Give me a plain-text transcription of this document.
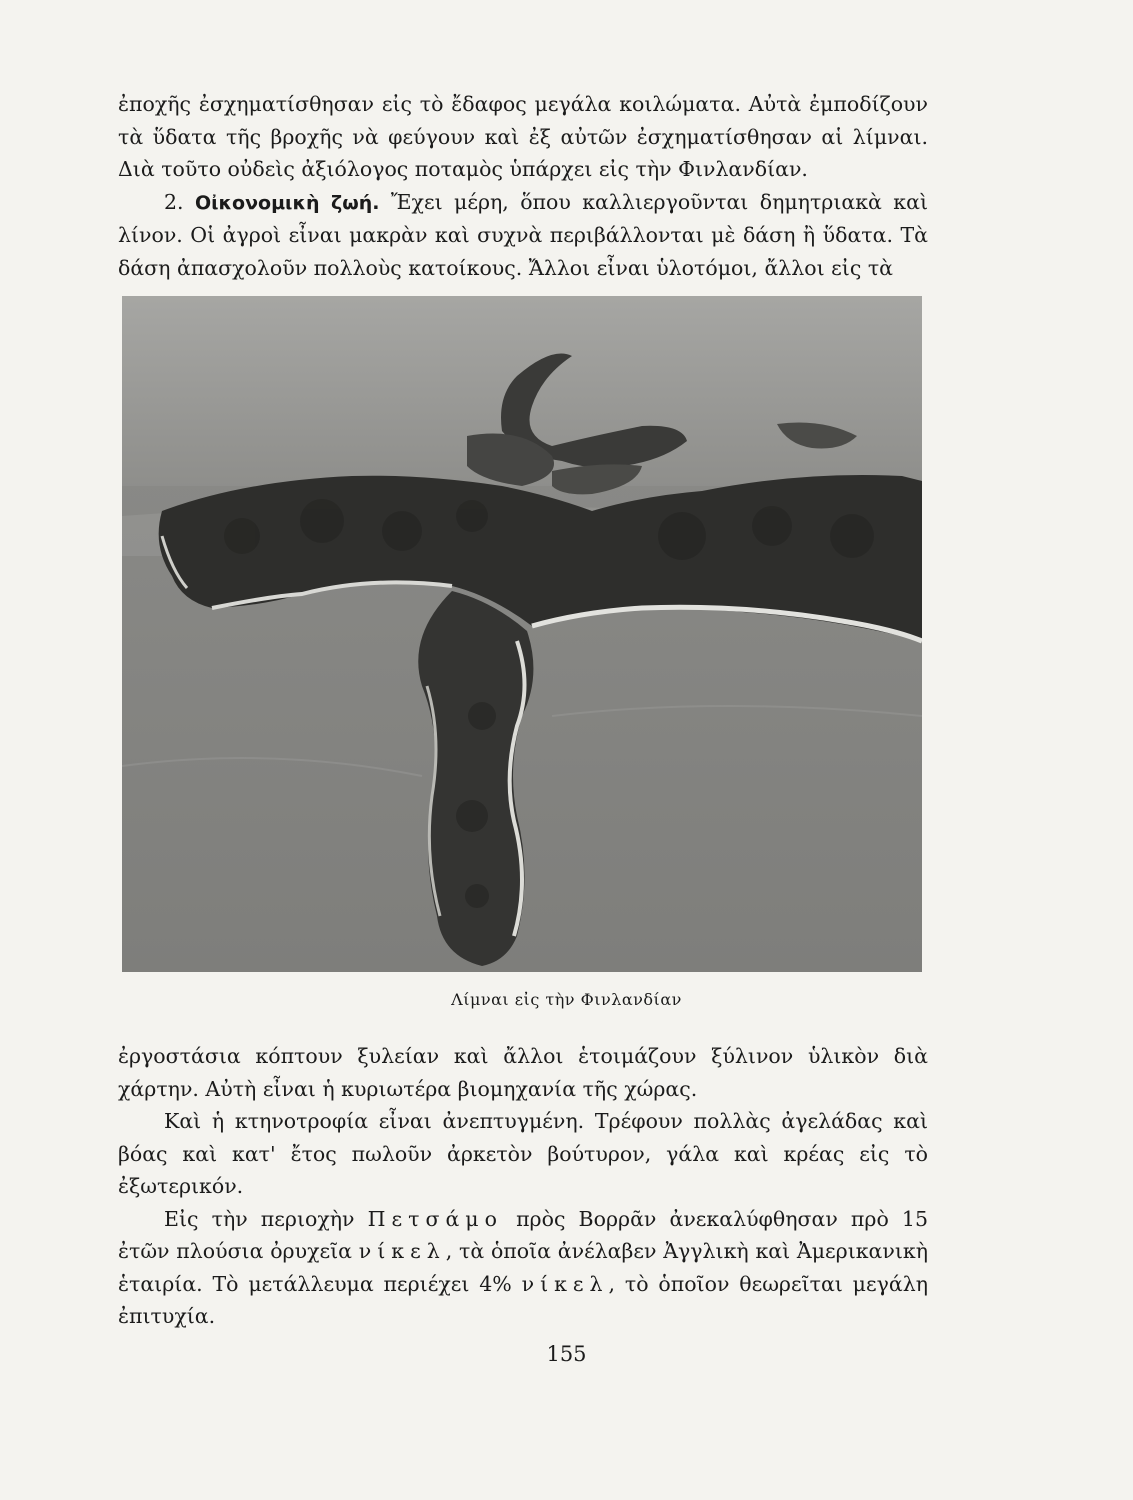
ἐποχῆς ἐσχηματίσθησαν εἰς τὸ ἔδαφος μεγάλα κοιλώματα. Αὐτὰ ἐμποδίζουν τὰ ὕδατα τῆς βροχῆς νὰ φεύγουν καὶ ἐξ αὐτῶν ἐσχηματίσθησαν αἱ λίμναι. Διὰ τοῦτο οὐδεὶς ἀξιόλογος ποταμὸς ὑπάρχει εἰς τὴν Φινλανδίαν.

2. Οἰκονομικὴ ζωή. Ἔχει μέρη, ὅπου καλλιεργοῦνται δημητριακὰ καὶ λίνον. Οἱ ἀγροὶ εἶναι μακρὰν καὶ συχνὰ περιβάλλονται μὲ δάση ἢ ὕδατα. Τὰ δάση ἀπασχολοῦν πολλοὺς κατοίκους. Ἄλλοι εἶναι ὑλοτόμοι, ἄλλοι εἰς τὰ

Λίμναι εἰς τὴν Φινλανδίαν

ἐργοστάσια κόπτουν ξυλείαν καὶ ἄλλοι ἑτοιμάζουν ξύλινον ὑλικὸν διὰ χάρτην. Αὐτὴ εἶναι ἡ κυριωτέρα βιομηχανία τῆς χώρας.

Καὶ ἡ κτηνοτροφία εἶναι ἀνεπτυγμένη. Τρέφουν πολλὰς ἀγελάδας καὶ βόας καὶ κατ' ἔτος πωλοῦν ἀρκετὸν βούτυρον, γάλα καὶ κρέας εἰς τὸ ἐξωτερικόν.

Εἰς τὴν περιοχὴν Πετσάμο πρὸς Βορρᾶν ἀνεκαλύφθησαν πρὸ 15 ἐτῶν πλούσια ὀρυχεῖα νίκελ, τὰ ὁποῖα ἀνέλαβεν Ἀγγλικὴ καὶ Ἀμερικανικὴ ἑταιρία. Τὸ μετάλλευμα περιέχει 4% νίκελ, τὸ ὁποῖον θεωρεῖται μεγάλη ἐπιτυχία.

155
